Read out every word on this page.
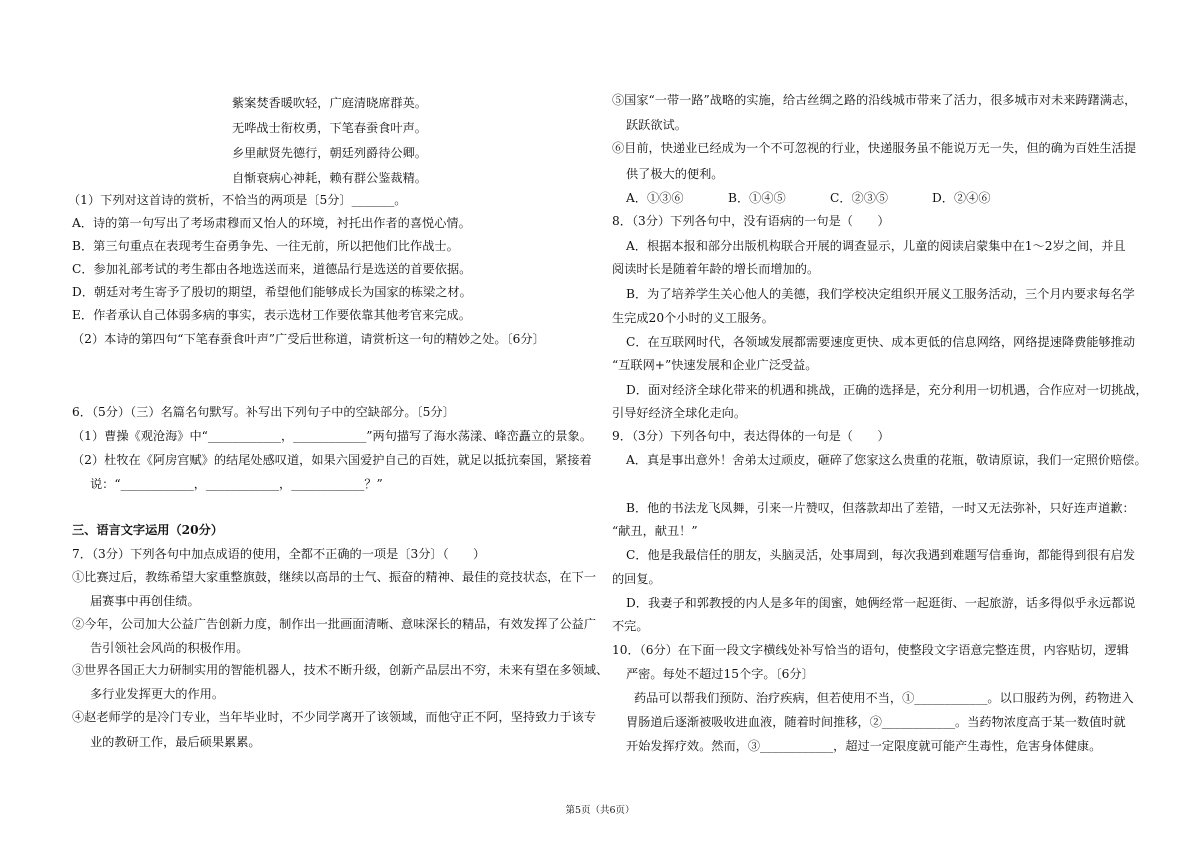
紫案焚香暖吹轻，广庭清晓席群英。

无哗战士衔枚勇，下笔春蚕食叶声。

乡里献贤先德行，朝廷列爵待公卿。

自惭衰病心神耗，赖有群公鉴裁精。

（1）下列对这首诗的赏析，不恰当的两项是〔5分〕_______。

A．诗的第一句写出了考场肃穆而又怡人的环境，衬托出作者的喜悦心情。

B．第三句重点在表现考生奋勇争先、一往无前，所以把他们比作战士。

C．参加礼部考试的考生都由各地选送而来，道德品行是选送的首要依据。

D．朝廷对考生寄予了殷切的期望，希望他们能够成长为国家的栋梁之材。

E．作者承认自己体弱多病的事实，表示选材工作要依靠其他考官来完成。

（2）本诗的第四句“下笔春蚕食叶声”广受后世称道，请赏析这一句的精妙之处。〔6分〕

6．（5分）（三）名篇名句默写。补写出下列句子中的空缺部分。〔5分〕

（1）曹操《观沧海》中“____________，____________”两句描写了海水荡漾、峰峦矗立的景象。

（2）杜牧在《阿房宫赋》的结尾处感叹道，如果六国爱护自己的百姓，就足以抵抗秦国，紧接着

说：“____________，____________，____________？”

三、语言文字运用（20分）

7．（3分）下列各句中加点成语的使用，全都不正确的一项是〔3分〕（　　）

①比赛过后，教练希望大家重整旗鼓，继续以高昂的士气、振奋的精神、最佳的竞技状态，在下一

届赛事中再创佳绩。

②今年，公司加大公益广告创新力度，制作出一批画面清晰、意味深长的精品，有效发挥了公益广

告引领社会风尚的积极作用。

③世界各国正大力研制实用的智能机器人，技术不断升级，创新产品层出不穷，未来有望在多领域、

多行业发挥更大的作用。

④赵老师学的是冷门专业，当年毕业时，不少同学离开了该领域，而他守正不阿，坚持致力于该专

业的教研工作，最后硕果累累。

⑤国家“一带一路”战略的实施，给古丝绸之路的沿线城市带来了活力，很多城市对未来踌躇满志，

跃跃欲试。

⑥目前，快递业已经成为一个不可忽视的行业，快递服务虽不能说万无一失，但的确为百姓生活提

供了极大的便利。

A．①③⑥	B．①④⑤	C．②③⑤	D．②④⑥

8．（3分）下列各句中，没有语病的一句是（　　）

A．根据本报和部分出版机构联合开展的调查显示，儿童的阅读启蒙集中在1～2岁之间，并且

阅读时长是随着年龄的增长而增加的。

B．为了培养学生关心他人的美德，我们学校决定组织开展义工服务活动，三个月内要求每名学

生完成20个小时的义工服务。

C．在互联网时代，各领域发展都需要速度更快、成本更低的信息网络，网络提速降费能够推动

“互联网+”快速发展和企业广泛受益。

D．面对经济全球化带来的机遇和挑战，正确的选择是，充分利用一切机遇，合作应对一切挑战，

引导好经济全球化走向。

9．（3分）下列各句中，表达得体的一句是（　　）

A．真是事出意外！舍弟太过顽皮，砸碎了您家这么贵重的花瓶，敬请原谅，我们一定照价赔偿。

B．他的书法龙飞凤舞，引来一片赞叹，但落款却出了差错，一时又无法弥补，只好连声道歉：

“献丑，献丑！”

C．他是我最信任的朋友，头脑灵活，处事周到，每次我遇到难题写信垂询，都能得到很有启发

的回复。

D．我妻子和郭教授的内人是多年的闺蜜，她俩经常一起逛街、一起旅游，话多得似乎永远都说

不完。

10．（6分）在下面一段文字横线处补写恰当的语句，使整段文字语意完整连贯，内容贴切，逻辑

严密。每处不超过15个字。〔6分〕

药品可以帮我们预防、治疗疾病，但若使用不当，①____________。以口服药为例，药物进入

胃肠道后逐渐被吸收进血液，随着时间推移，②____________。当药物浓度高于某一数值时就

开始发挥疗效。然而，③____________，超过一定限度就可能产生毒性，危害身体健康。

第5页（共6页）
